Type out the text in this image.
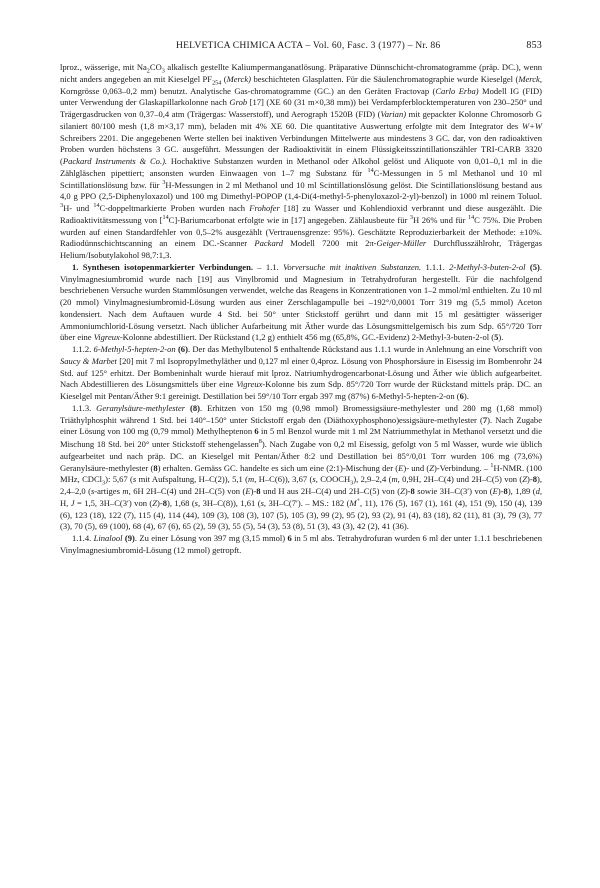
HELVETICA CHIMICA ACTA – Vol. 60, Fasc. 3 (1977) – Nr. 86	853

lproz., wässerige, mit $Na_2CO_3$ alkalisch gestellte Kaliumpermanganatlösung. Präparative Dünnschicht-chromatogramme (präp. DC.), wenn nicht anders angegeben an mit Kieselgel $PF_{254}$ (Merck) beschichteten Glasplatten. Für die Säulenchromatographie wurde Kieselgel (Merck, Korngrösse 0,063–0,2 mm) benutzt. Analytische Gas-chromatogramme (GC.) an den Geräten Fractovap (Carlo Erba) Modell IG (FID) unter Verwendung der Glaskapillarkolonne nach Grob [17] (XE 60 (31 m×0,38 mm)) bei Verdampferblocktemperaturen von 230–250° und Trägergasdrucken von 0,37–0,4 atm (Trägergas: Wasserstoff), und Aerograph 1520B (FID) (Varian) mit gepackter Kolonne Chromosorb G silaniert 80/100 mesh (1,8 m×3,17 mm), beladen mit 4% XE 60. Die quantitative Auswertung erfolgte mit dem Integrator des W+W Schreibers 2201. Die angegebenen Werte stellen bei inaktiven Verbindungen Mittelwerte aus mindestens 3 GC. dar, von den radioaktiven Proben wurden höchstens 3 GC. ausgeführt. Messungen der Radioaktivität in einem Flüssigkeitsszintillationszähler TRI-CARB 3320 (Packard Instruments & Co.). Hochaktive Substanzen wurden in Methanol oder Alkohol gelöst und Aliquote von 0,01–0,1 ml in die Zählgläschen pipettiert; ansonsten wurden Einwaagen von 1–7 mg Substanz für $^{14}$C-Messungen in 5 ml Methanol und 10 ml Scintillationslösung bzw. für $^3$H-Messungen in 2 ml Methanol und 10 ml Scintillationslösung gelöst. Die Scintillationslösung bestand aus 4,0 g PPO (2,5-Diphenyloxazol) und 100 mg Dimethyl-POPOP (1,4-Di(4-methyl-5-phenyloxazol-2-yl)-benzol) in 1000 ml reinem Toluol. $^3$H- und $^{14}$C-doppeltmarkierte Proben wurden nach Frohofer [18] zu Wasser und Kohlendioxid verbrannt und diese ausgezählt. Die Radioaktivitätsmessung von [$^{14}$C]-Bariumcarbonat erfolgte wie in [17] angegeben. Zählausbeute für $^3$H 26% und für $^{14}$C 75%. Die Proben wurden auf einen Standardfehler von 0,5–2% ausgezählt (Vertrauensgrenze: 95%). Geschätzte Reproduzierbarkeit der Methode: ±10%. Radiodünnschichtscanning an einem DC.-Scanner Packard Modell 7200 mit 2π-Geiger-Müller Durchflusszählrohr, Trägergas Helium/Isobutylakohol 98,7:1,3.

1. Synthesen isotopenmarkierter Verbindungen. – 1.1. Vorversuche mit inaktiven Substanzen. 1.1.1. 2-Methyl-3-buten-2-ol (5). Vinylmagnesiumbromid wurde nach [19] aus Vinylbromid und Magnesium in Tetrahydrofuran hergestellt. Für die nachfolgend beschriebenen Versuche wurden Stammlösungen verwendet, welche das Reagens in Konzentrationen von 1–2 mmol/ml enthielten. Zu 10 ml (20 mmol) Vinylmagnesiumbromid-Lösung wurden aus einer Zerschlagampulle bei –192°/0,0001 Torr 319 mg (5,5 mmol) Aceton kondensiert. Nach dem Auftauen wurde 4 Std. bei 50° unter Stickstoff gerührt und dann mit 15 ml gesättigter wässeriger Ammoniumchlorid-Lösung versetzt. Nach üblicher Aufarbeitung mit Äther wurde das Lösungsmittelgemisch bis zum Sdp. 65°/720 Torr über eine Vigreux-Kolonne abdestilliert. Der Rückstand (1,2 g) enthielt 456 mg (65,8%, GC.-Evidenz) 2-Methyl-3-buten-2-ol (5).

1.1.2. 6-Methyl-5-hepten-2-on (6). Der das Methylbutenol 5 enthaltende Rückstand aus 1.1.1 wurde in Anlehnung an eine Vorschrift von Saucy & Marbet [20] mit 7 ml Isopropylmethyläther und 0,127 ml einer 0,4proz. Lösung von Phosphorsäure in Eisessig im Bombenrohr 24 Std. auf 125° erhitzt. Der Bombeninhalt wurde hierauf mit lproz. Natriumhydrogencarbonat-Lösung und Äther wie üblich aufgearbeitet. Nach Abdestillieren des Lösungsmittels über eine Vigreux-Kolonne bis zum Sdp. 85°/720 Torr wurde der Rückstand mittels präp. DC. an Kieselgel mit Pentan/Äther 9:1 gereinigt. Destillation bei 59°/10 Torr ergab 397 mg (87%) 6-Methyl-5-hepten-2-on (6).

1.1.3. Geranylsäure-methylester (8). Erhitzen von 150 mg (0,98 mmol) Bromessigsäure-methylester und 280 mg (1,68 mmol) Triäthylphosphit während 1 Std. bei 140°–150° unter Stickstoff ergab den (Diäthoxyphosphono)essigsäure-methylester (7). Nach Zugabe einer Lösung von 100 mg (0,79 mmol) Methylheptenon 6 in 5 ml Benzol wurde mit 1 ml 2M Natriummethylat in Methanol versetzt und die Mischung 18 Std. bei 20° unter Stickstoff stehengelassen$^8$). Nach Zugabe von 0,2 ml Eisessig, gefolgt von 5 ml Wasser, wurde wie üblich aufgearbeitet und nach präp. DC. an Kieselgel mit Pentan/Äther 8:2 und Destillation bei 85°/0,01 Torr wurden 106 mg (73,6%) Geranylsäure-methylester (8) erhalten. Gemäss GC. handelte es sich um eine (2:1)-Mischung der (E)- und (Z)-Verbindung. – $^1$H-NMR. (100 MHz, CDCl$_3$): 5,67 (s mit Aufspaltung, H–C(2)), 5,1 (m, H–C(6)), 3,67 (s, $COOCH_3$), 2,9–2,4 (m, 0,9H, 2H–C(4) und 2H–C(5) von (Z)-8), 2,4–2,0 (s-artiges m, 6H 2H–C(4) und 2H–C(5) von (E)-8 und H aus 2H–C(4) und 2H–C(5) von (Z)-8 sowie 3H–C(3′) von (E)-8), 1,89 (d, H, J = 1,5, 3H–C(3′) von (Z)-8), 1,68 (s, 3H–C(8)), 1,61 (s, 3H–C(7′). – MS.: 182 (M+, 11), 176 (5), 167 (1), 161 (4), 151 (9), 150 (4), 139 (6), 123 (18), 122 (7), 115 (4), 114 (44), 109 (3), 108 (3), 107 (5), 105 (3), 99 (2), 95 (2), 93 (2), 91 (4), 83 (18), 82 (11), 81 (3), 79 (3), 77 (3), 70 (5), 69 (100), 68 (4), 67 (6), 65 (2), 59 (3), 55 (5), 54 (3), 53 (8), 51 (3), 43 (3), 42 (2), 41 (36).

1.1.4. Linalool (9). Zu einer Lösung von 397 mg (3,15 mmol) 6 in 5 ml abs. Tetrahydrofuran wurden 6 ml der unter 1.1.1 beschriebenen Vinylmagnesiumbromid-Lösung (12 mmol) getropft.
